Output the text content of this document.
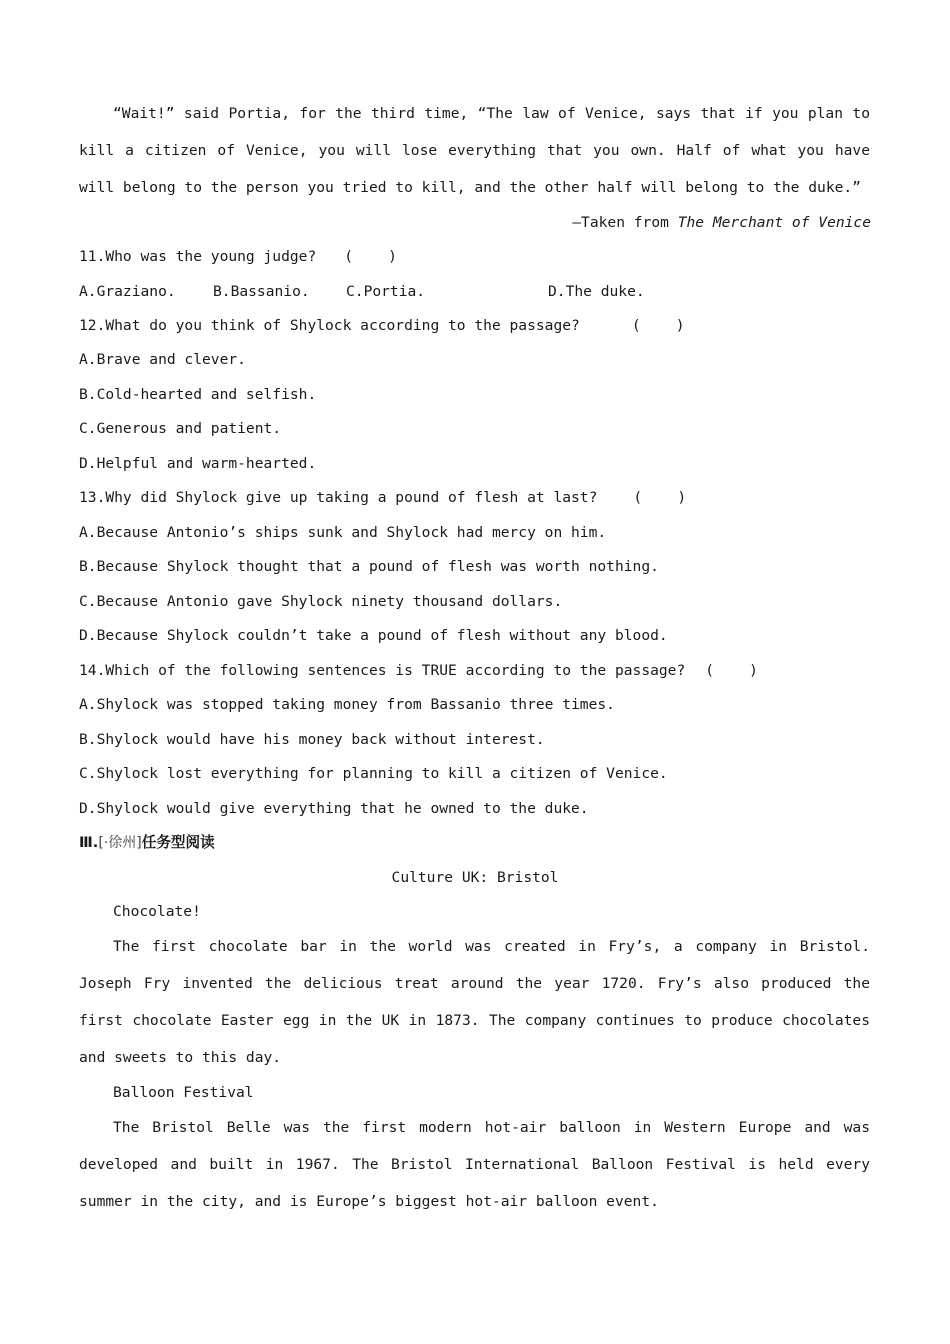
“Wait!” said Portia, for the third time, “The law of Venice, says that if you plan to kill a citizen of Venice, you will lose everything that you own. Half of what you have will belong to the person you tried to kill, and the other half will belong to the duke.”
—Taken from The Merchant of Venice
11.Who was the young judge? (    )
A.Graziano.	B.Bassanio. C.Portia.	D.The duke.
12.What do you think of Shylock according to the passage?	(    )
A.Brave and clever.
B.Cold-hearted and selfish.
C.Generous and patient.
D.Helpful and warm-hearted.
13.Why did Shylock give up taking a pound of flesh at last? (    )
A.Because Antonio’s ships sunk and Shylock had mercy on him.
B.Because Shylock thought that a pound of flesh was worth nothing.
C.Because Antonio gave Shylock ninety thousand dollars.
D.Because Shylock couldn’t take a pound of flesh without any blood.
14.Which of the following sentences is TRUE according to the passage? (    )
A.Shylock was stopped taking money from Bassanio three times.
B.Shylock would have his money back without interest.
C.Shylock lost everything for planning to kill a citizen of Venice.
D.Shylock would give everything that he owned to the duke.
Ⅲ.[·徐州]任务型阅读
Culture UK: Bristol
Chocolate!
The first chocolate bar in the world was created in Fry’s, a company in Bristol. Joseph Fry invented the delicious treat around the year 1720. Fry’s also produced the first chocolate Easter egg in the UK in 1873. The company continues to produce chocolates and sweets to this day.
Balloon Festival
The Bristol Belle was the first modern hot-air balloon in Western Europe and was developed and built in 1967. The Bristol International Balloon Festival is held every summer in the city, and is Europe’s biggest hot-air balloon event.
